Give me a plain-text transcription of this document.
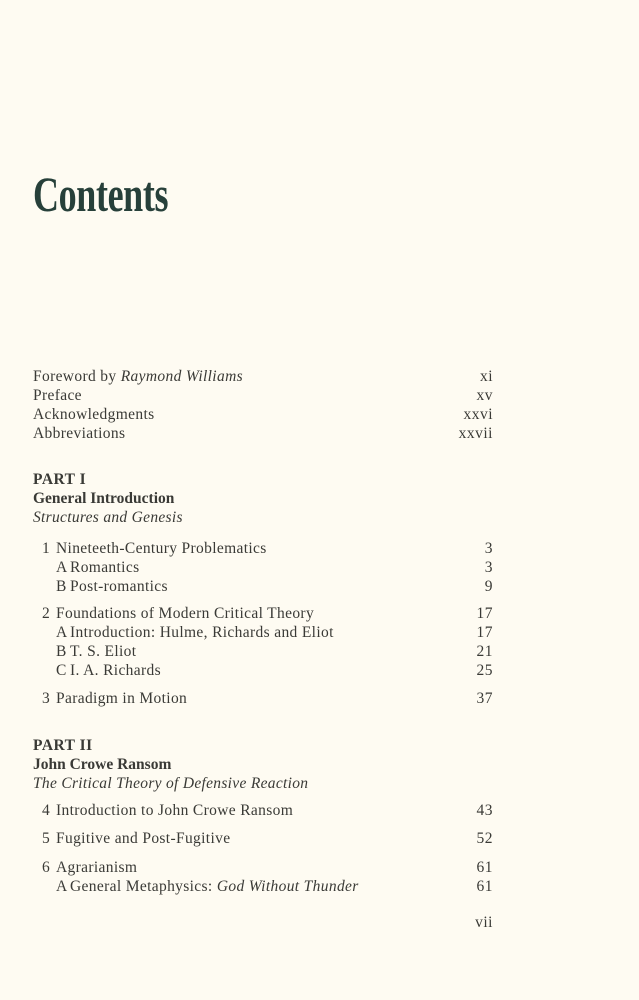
Contents
Foreword by Raymond Williams	xi
Preface	xv
Acknowledgments	xxvi
Abbreviations	xxvii
PART I
General Introduction
Structures and Genesis
1 Nineteeth-Century Problematics	3
A Romantics	3
B Post-romantics	9
2 Foundations of Modern Critical Theory	17
A Introduction: Hulme, Richards and Eliot	17
B T. S. Eliot	21
C I. A. Richards	25
3 Paradigm in Motion	37
PART II
John Crowe Ransom
The Critical Theory of Defensive Reaction
4 Introduction to John Crowe Ransom	43
5 Fugitive and Post-Fugitive	52
6 Agrarianism	61
A General Metaphysics: God Without Thunder	61
vii
